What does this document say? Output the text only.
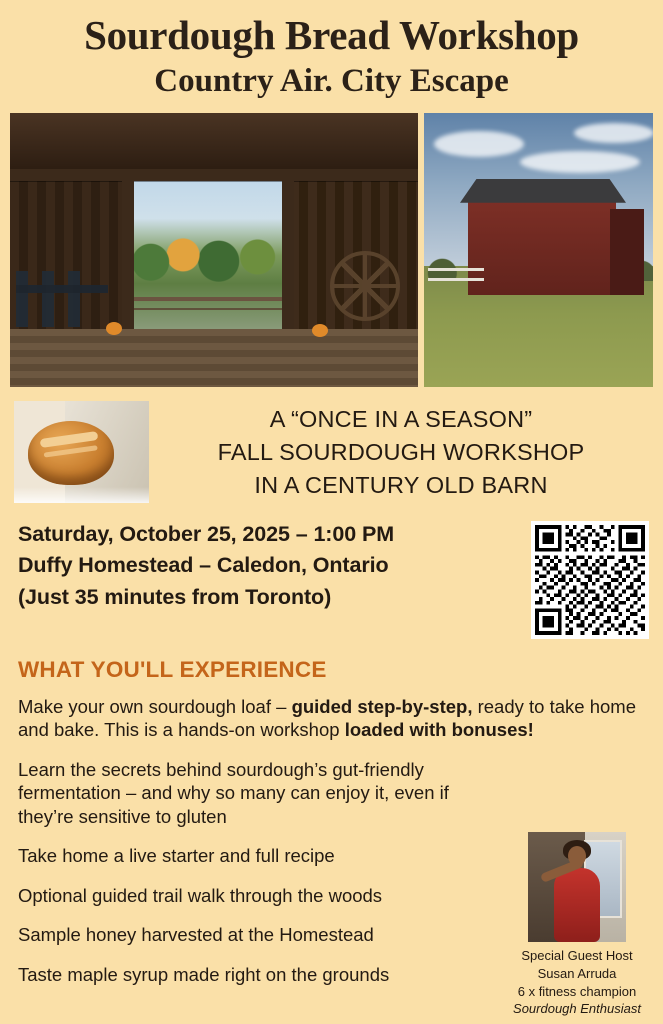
Sourdough Bread Workshop
Country Air. City Escape
A “ONCE IN A SEASON”
FALL SOURDOUGH WORKSHOP
IN A CENTURY OLD BARN
Saturday, October 25, 2025 – 1:00 PM
Duffy Homestead – Caledon, Ontario
(Just 35 minutes from Toronto)
WHAT YOU'LL EXPERIENCE
Make your own sourdough loaf – guided step-by-step, ready to take home and bake. This is a hands-on workshop loaded with bonuses!
Learn the secrets behind sourdough’s gut-friendly fermentation – and why so many can enjoy it, even if they’re sensitive to gluten
Take home a live starter and full recipe
Optional guided trail walk through the woods
Sample honey harvested at the Homestead
Taste maple syrup made right on the grounds
Special Guest Host
Susan Arruda
6 x fitness champion
Sourdough Enthusiast
